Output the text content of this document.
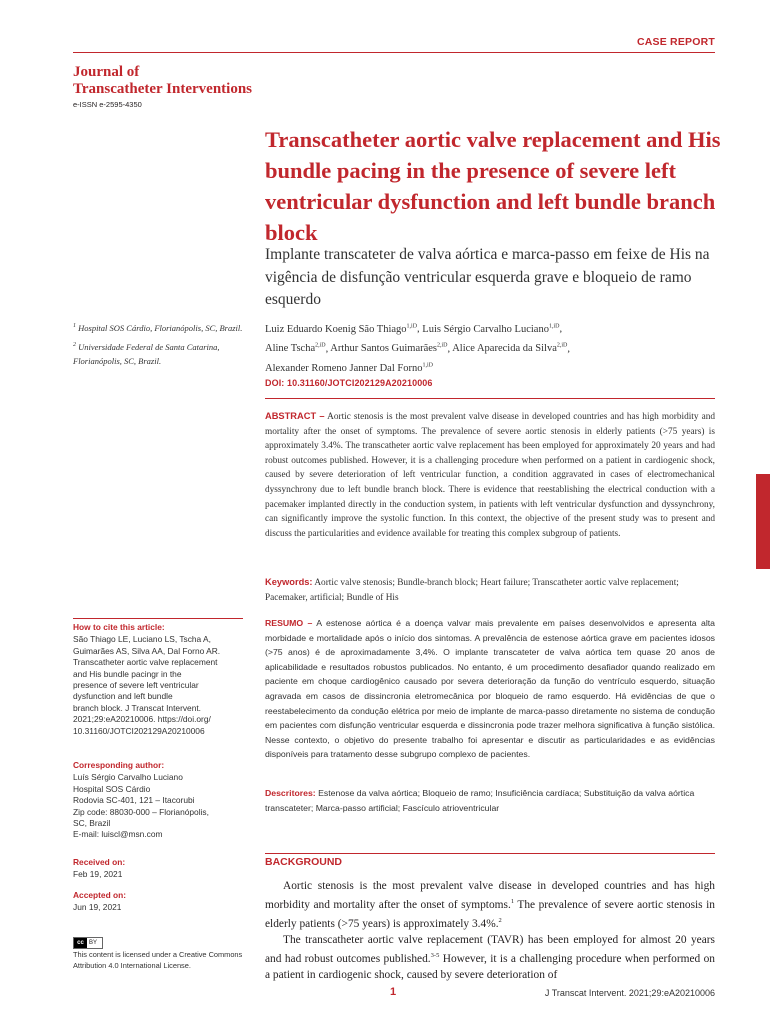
CASE REPORT
Journal of
Transcatheter Interventions
e-ISSN e-2595-4350

$^1$ Hospital SOS Cárdio, Florianópolis, SC, Brazil.

$^2$ Universidade Federal de Santa Catarina, Florianópolis, SC, Brazil.

Transcatheter aortic valve replacement and His bundle pacing in the presence of severe left ventricular dysfunction and left bundle branch block
Implante transcateter de valva aórtica e marca-passo em feixe de His na vigência de disfunção ventricular esquerda grave e bloqueio de ramo esquerdo
Luiz Eduardo Koenig São Thiago$^{1,iD}$, Luis Sérgio Carvalho Luciano$^{1,iD}$,
Aline Tscha$^{2,iD}$, Arthur Santos Guimarães$^{2,iD}$, Alice Aparecida da Silva$^{2,iD}$,
Alexander Romeno Janner Dal Forno$^{1,iD}$
DOI: 10.31160/JOTCI202129A20210006

ABSTRACT – Aortic stenosis is the most prevalent valve disease in developed countries and has high morbidity and mortality after the onset of symptoms. The prevalence of severe aortic stenosis in elderly patients (>75 years) is approximately 3.4%. The transcatheter aortic valve replacement has been employed for approximately 20 years and had robust outcomes published. However, it is a challenging procedure when performed on a patient in cardiogenic shock, caused by severe deterioration of left ventricular function, a condition aggravated in cases of electromechanical dyssynchrony due to left bundle branch block. There is evidence that reestablishing the electrical conduction with a pacemaker implanted directly in the conduction system, in patients with left ventricular dysfunction and dyssynchrony, can significantly improve the systolic function. In this context, the objective of the present study was to present and discuss the particularities and evidence available for treating this complex subgroup of patients.

Keywords: Aortic valve stenosis; Bundle-branch block; Heart failure; Transcatheter aortic valve replacement; Pacemaker, artificial; Bundle of His

RESUMO – A estenose aórtica é a doença valvar mais prevalente em países desenvolvidos e apresenta alta morbidade e mortalidade após o início dos sintomas. A prevalência de estenose aórtica grave em pacientes idosos (>75 anos) é de aproximadamente 3,4%. O implante transcateter de valva aórtica tem quase 20 anos de aplicabilidade e resultados robustos publicados. No entanto, é um procedimento desafiador quando realizado em paciente em choque cardiogênico causado por severa deterioração da função do ventrículo esquerdo, situação agravada em casos de dissincronia eletromecânica por bloqueio de ramo esquerdo. Há evidências de que o reestabelecimento da condução elétrica por meio de implante de marca-passo diretamente no sistema de condução em pacientes com disfunção ventricular esquerda e dissincronia pode trazer melhora significativa à função sistólica. Nesse contexto, o objetivo do presente trabalho foi apresentar e discutir as particularidades e as evidências disponíveis para tratamento desse subgrupo complexo de pacientes.

Descritores: Estenose da valva aórtica; Bloqueio de ramo; Insuficiência cardíaca; Substituição da valva aórtica transcateter; Marca-passo artificial; Fascículo atrioventricular

How to cite this article:
São Thiago LE, Luciano LS, Tscha A,
Guimarães AS, Silva AA, Dal Forno AR.
Transcatheter aortic valve replacement
and His bundle pacingr in the
presence of severe left ventricular
dysfunction and left bundle
branch block. J Transcat Intervent.
2021;29:eA20210006. https://doi.org/
10.31160/JOTCI202129A20210006
Corresponding author:
Luís Sérgio Carvalho Luciano
Hospital SOS Cárdio
Rodovia SC-401, 121 – Itacorubi
Zip code: 88030-000 – Florianópolis,
SC, Brazil
E-mail: luiscl@msn.com
Received on:
Feb 19, 2021
Accepted on:
Jun 19, 2021
cc BY
This content is licensed under a Creative Commons Attribution 4.0 International License.
BACKGROUND

Aortic stenosis is the most prevalent valve disease in developed countries and has high morbidity and mortality after the onset of symptoms.$^1$ The prevalence of severe aortic stenosis in elderly patients (>75 years) is approximately 3.4%.$^2$

The transcatheter aortic valve replacement (TAVR) has been employed for almost 20 years and had robust outcomes published.$^{3-5}$ However, it is a challenging procedure when performed on a patient in cardiogenic shock, caused by severe deterioration of

1	J Transcat Intervent. 2021;29:eA20210006
